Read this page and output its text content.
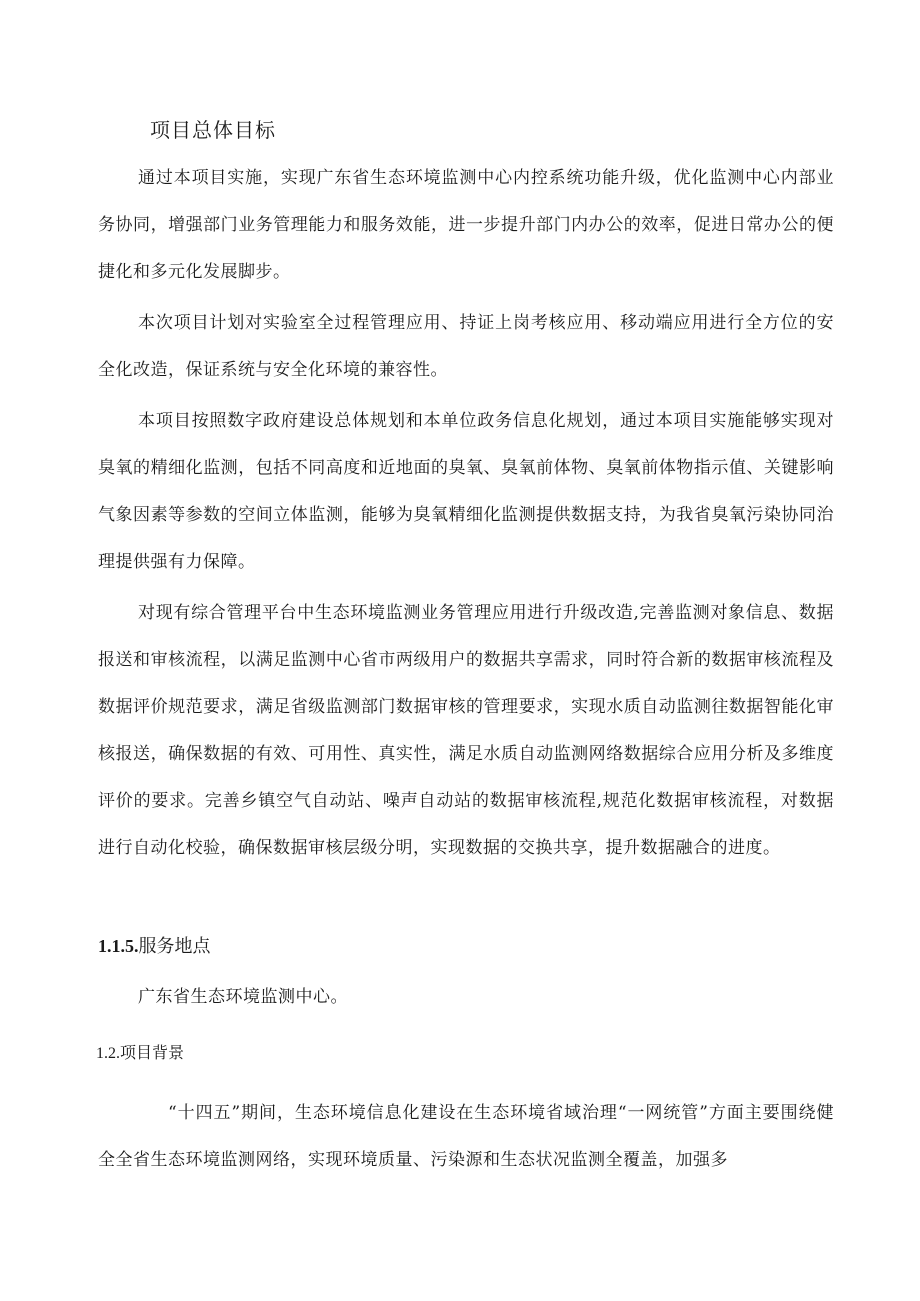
项目总体目标

通过本项目实施，实现广东省生态环境监测中心内控系统功能升级，优化监测中心内部业务协同，增强部门业务管理能力和服务效能，进一步提升部门内办公的效率，促进日常办公的便捷化和多元化发展脚步。

本次项目计划对实验室全过程管理应用、持证上岗考核应用、移动端应用进行全方位的安全化改造，保证系统与安全化环境的兼容性。

本项目按照数字政府建设总体规划和本单位政务信息化规划，通过本项目实施能够实现对臭氧的精细化监测，包括不同高度和近地面的臭氧、臭氧前体物、臭氧前体物指示值、关键影响气象因素等参数的空间立体监测，能够为臭氧精细化监测提供数据支持，为我省臭氧污染协同治理提供强有力保障。

对现有综合管理平台中生态环境监测业务管理应用进行升级改造,完善监测对象信息、数据报送和审核流程，以满足监测中心省市两级用户的数据共享需求，同时符合新的数据审核流程及数据评价规范要求，满足省级监测部门数据审核的管理要求，实现水质自动监测往数据智能化审核报送，确保数据的有效、可用性、真实性，满足水质自动监测网络数据综合应用分析及多维度评价的要求。完善乡镇空气自动站、噪声自动站的数据审核流程,规范化数据审核流程，对数据进行自动化校验，确保数据审核层级分明，实现数据的交换共享，提升数据融合的进度。

1.1.5.服务地点

广东省生态环境监测中心。

1.2.项目背景

“十四五”期间，生态环境信息化建设在生态环境省域治理“一网统管”方面主要围绕健全全省生态环境监测网络，实现环境质量、污染源和生态状况监测全覆盖，加强多
